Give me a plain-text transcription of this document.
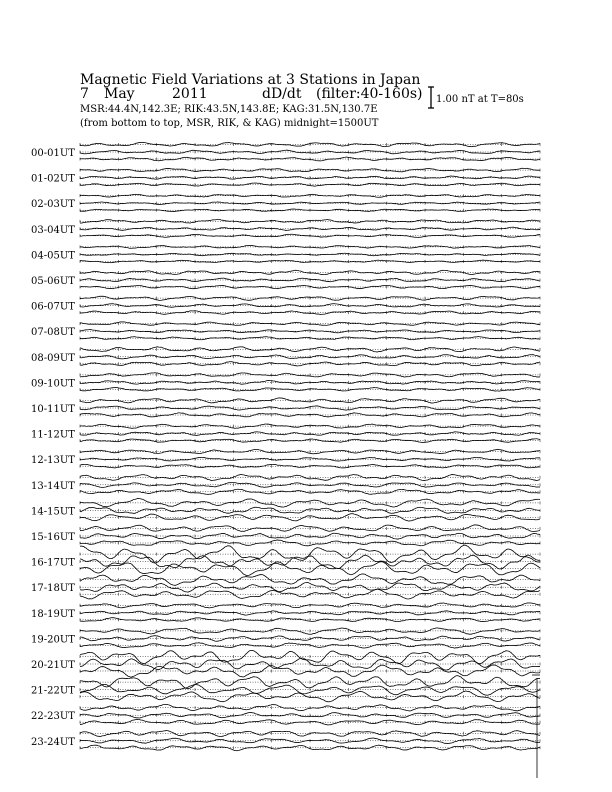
Magnetic Field Variations at 3 Stations in Japan
7 May	2011	dD/dt (filter:40-160s)
MSR:44.4N,142.3E; RIK:43.5N,143.8E; KAG:31.5N,130.7E
(from bottom to top, MSR, RIK, & KAG) midnight=1500UT
1.00 nT at T=80s
00-01UT
01-02UT
02-03UT
03-04UT
04-05UT
05-06UT
06-07UT
07-08UT
08-09UT
09-10UT
10-11UT
11-12UT
12-13UT
13-14UT
14-15UT
15-16UT
16-17UT
17-18UT
18-19UT
19-20UT
20-21UT
21-22UT
22-23UT
23-24UT
